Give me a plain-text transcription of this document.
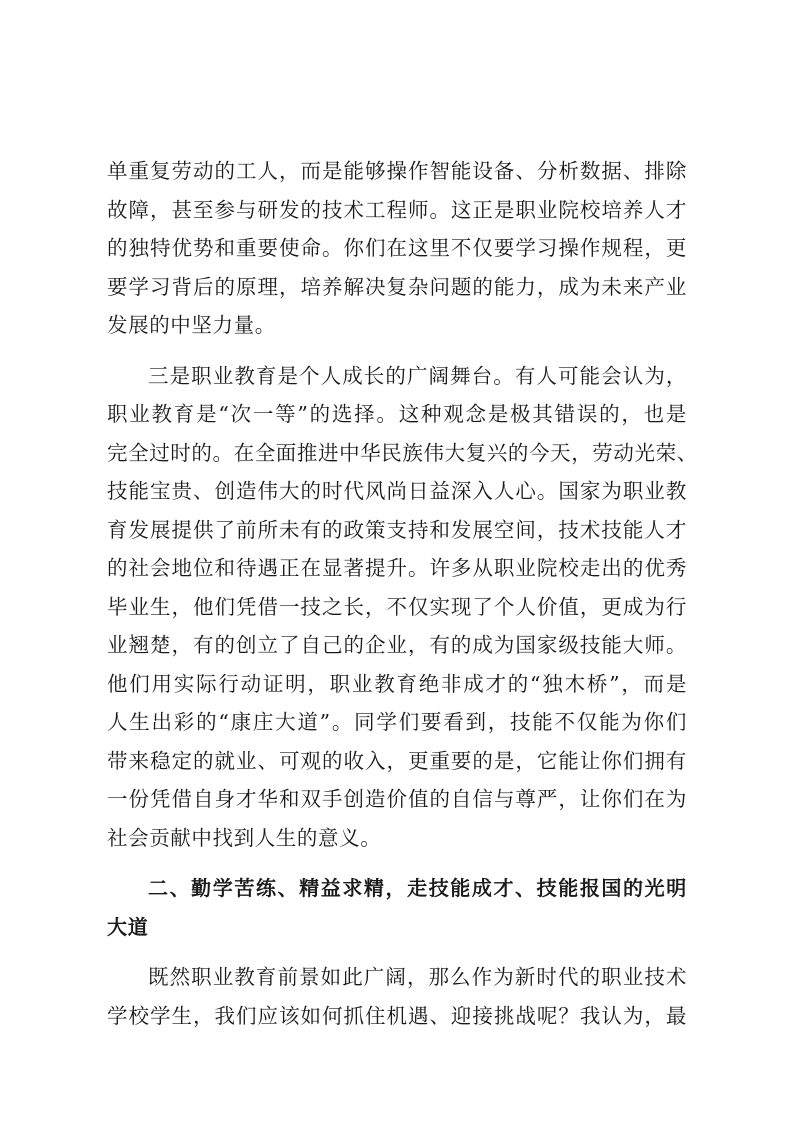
单重复劳动的工人，而是能够操作智能设备、分析数据、排除
故障，甚至参与研发的技术工程师。这正是职业院校培养人才
的独特优势和重要使命。你们在这里不仅要学习操作规程，更
要学习背后的原理，培养解决复杂问题的能力，成为未来产业
发展的中坚力量。

三是职业教育是个人成长的广阔舞台。有人可能会认为，
职业教育是“次一等”的选择。这种观念是极其错误的，也是
完全过时的。在全面推进中华民族伟大复兴的今天，劳动光荣、
技能宝贵、创造伟大的时代风尚日益深入人心。国家为职业教
育发展提供了前所未有的政策支持和发展空间，技术技能人才
的社会地位和待遇正在显著提升。许多从职业院校走出的优秀
毕业生，他们凭借一技之长，不仅实现了个人价值，更成为行
业翘楚，有的创立了自己的企业，有的成为国家级技能大师。
他们用实际行动证明，职业教育绝非成才的“独木桥”，而是
人生出彩的“康庄大道”。同学们要看到，技能不仅能为你们
带来稳定的就业、可观的收入，更重要的是，它能让你们拥有
一份凭借自身才华和双手创造价值的自信与尊严，让你们在为
社会贡献中找到人生的意义。

二、勤学苦练、精益求精，走技能成才、技能报国的光明
大道

既然职业教育前景如此广阔，那么作为新时代的职业技术
学校学生，我们应该如何抓住机遇、迎接挑战呢？我认为，最
